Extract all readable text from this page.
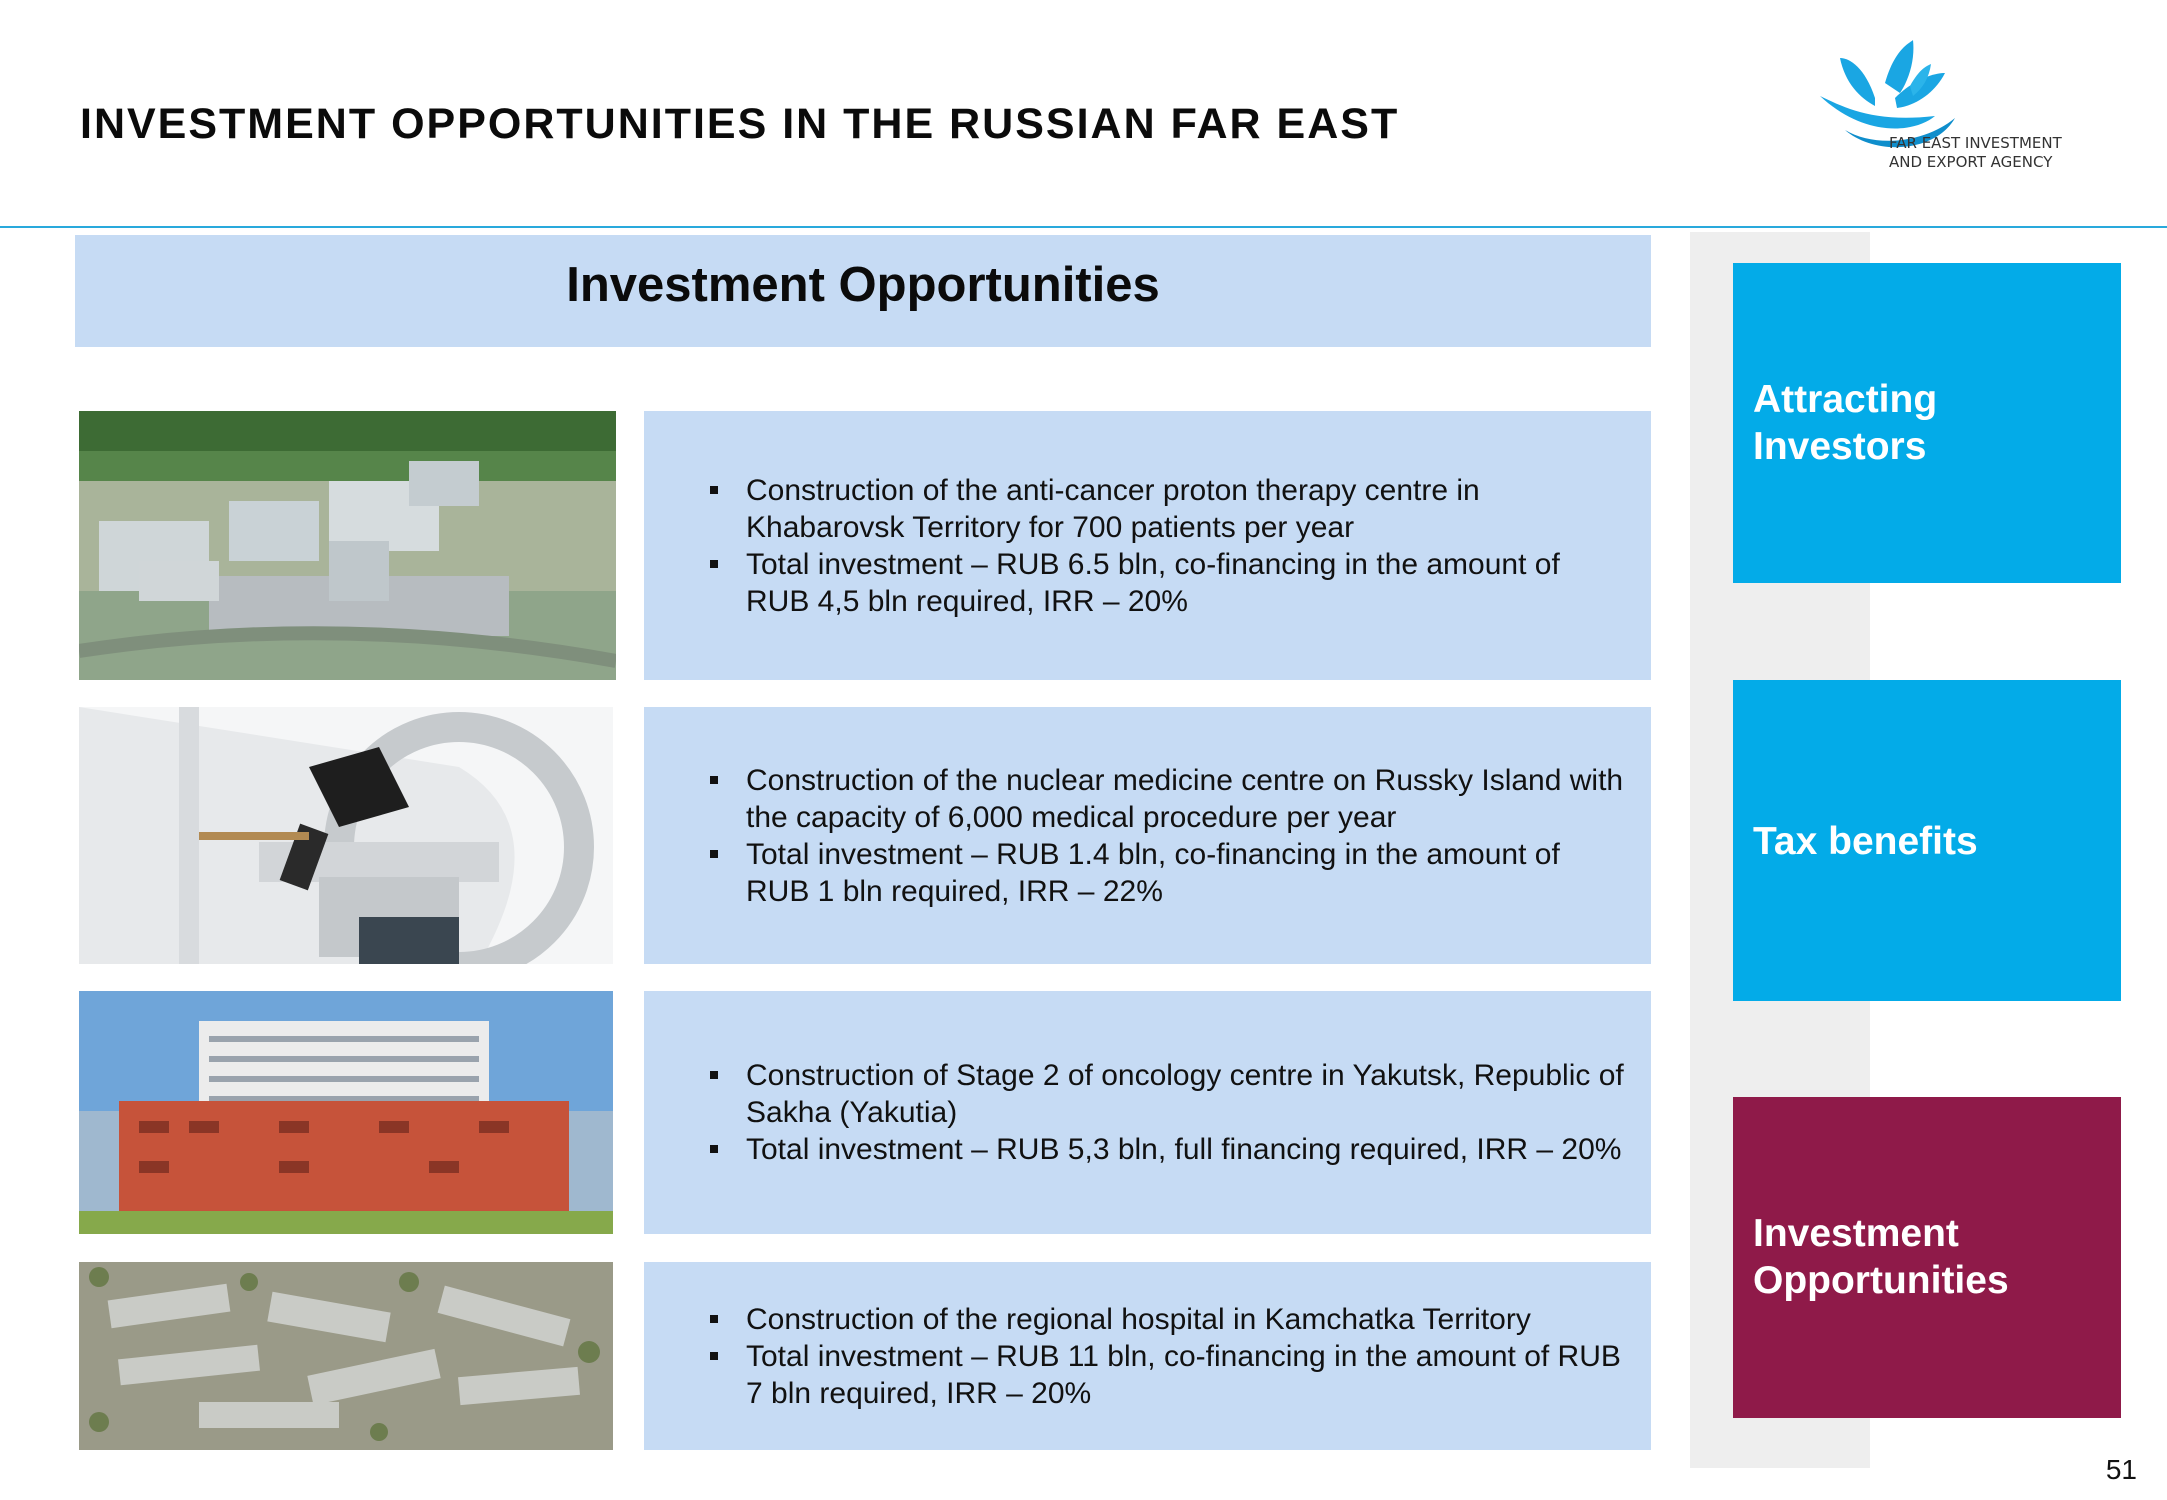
INVESTMENT OPPORTUNITIES IN THE RUSSIAN FAR EAST	FAR EAST INVESTMENT
AND EXPORT AGENCY
Investment Opportunities
Construction of the anti-cancer proton therapy centre in Khabarovsk Territory for 700 patients per year
Total investment – RUB 6.5 bln, co-financing in the amount of RUB 4,5 bln required, IRR – 20%
Construction of the nuclear medicine centre on Russky Island with the capacity of 6,000 medical procedure per year
Total investment – RUB 1.4 bln, co-financing in the amount of RUB 1 bln required, IRR – 22%
Construction of Stage 2 of oncology centre in Yakutsk, Republic of Sakha (Yakutia)
Total investment – RUB 5,3 bln, full financing required, IRR – 20%
Construction of the regional hospital in Kamchatka Territory
Total investment – RUB 11 bln, co-financing in the amount of RUB 7 bln required, IRR – 20%
Attracting Investors
Tax benefits
Investment Opportunities
51
